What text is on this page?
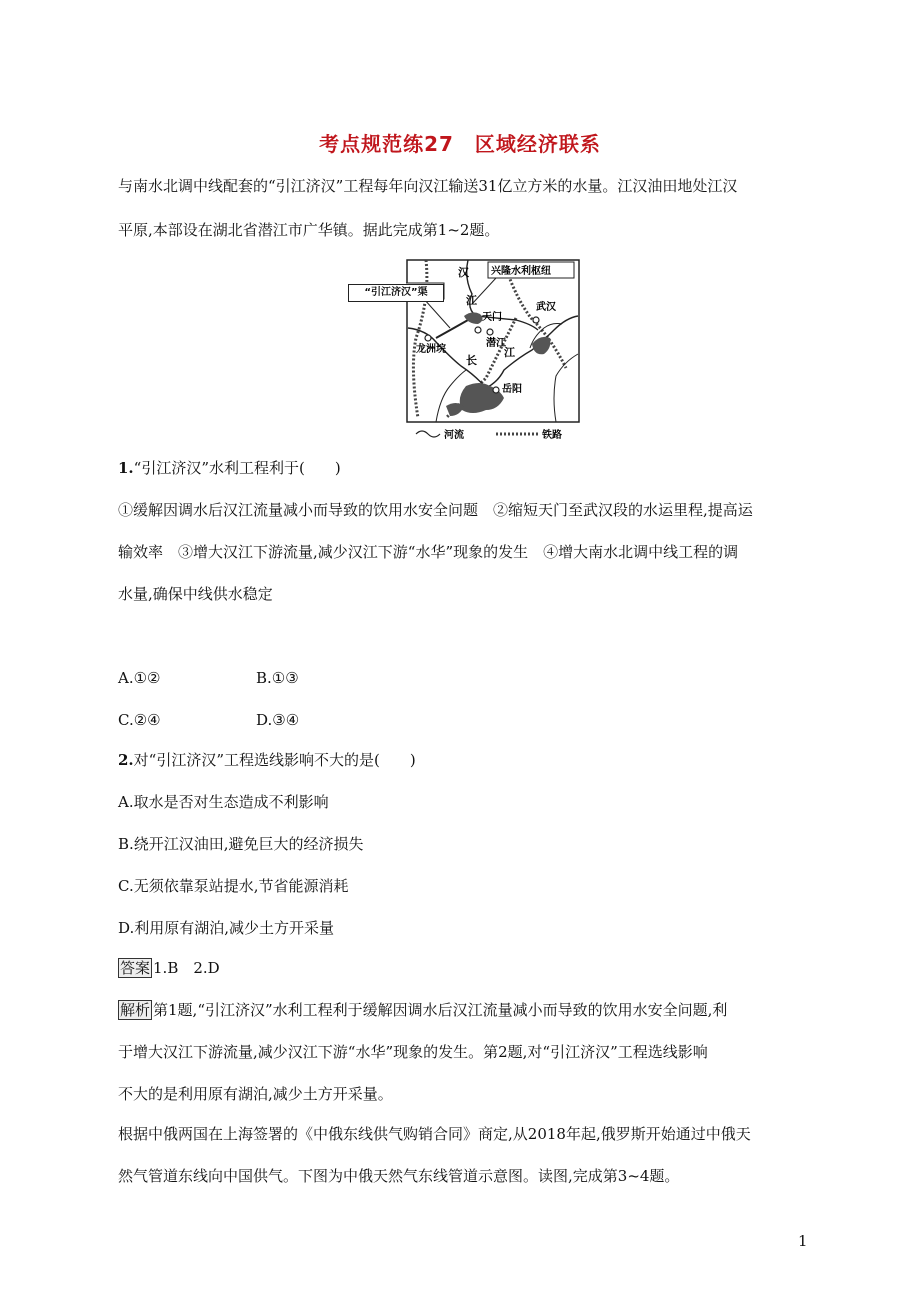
考点规范练27　区域经济联系
与南水北调中线配套的“引江济汉”工程每年向汉江输送31亿立方米的水量。江汉油田地处江汉
平原,本部设在湖北省潜江市广华镇。据此完成第1~2题。
汉
江
兴隆水利枢纽
天门
武汉
潜江
龙洲垸
长
江
岳阳
河流	铁路
“引江济汉”渠
1.“引江济汉”水利工程利于(　　)
①缓解因调水后汉江流量减小而导致的饮用水安全问题　②缩短天门至武汉段的水运里程,提高运
输效率　③增大汉江下游流量,减少汉江下游“水华”现象的发生　④增大南水北调中线工程的调
水量,确保中线供水稳定
A.①②	B.①③
C.②④	D.③④
2.对“引江济汉”工程选线影响不大的是(　　)
A.取水是否对生态造成不利影响
B.绕开江汉油田,避免巨大的经济损失
C.无须依靠泵站提水,节省能源消耗
D.利用原有湖泊,减少土方开采量
答案 1.B　2.D
解析 第1题,“引江济汉”水利工程利于缓解因调水后汉江流量减小而导致的饮用水安全问题,利
于增大汉江下游流量,减少汉江下游“水华”现象的发生。第2题,对“引江济汉”工程选线影响
不大的是利用原有湖泊,减少土方开采量。
根据中俄两国在上海签署的《中俄东线供气购销合同》商定,从2018年起,俄罗斯开始通过中俄天
然气管道东线向中国供气。下图为中俄天然气东线管道示意图。读图,完成第3~4题。
1
